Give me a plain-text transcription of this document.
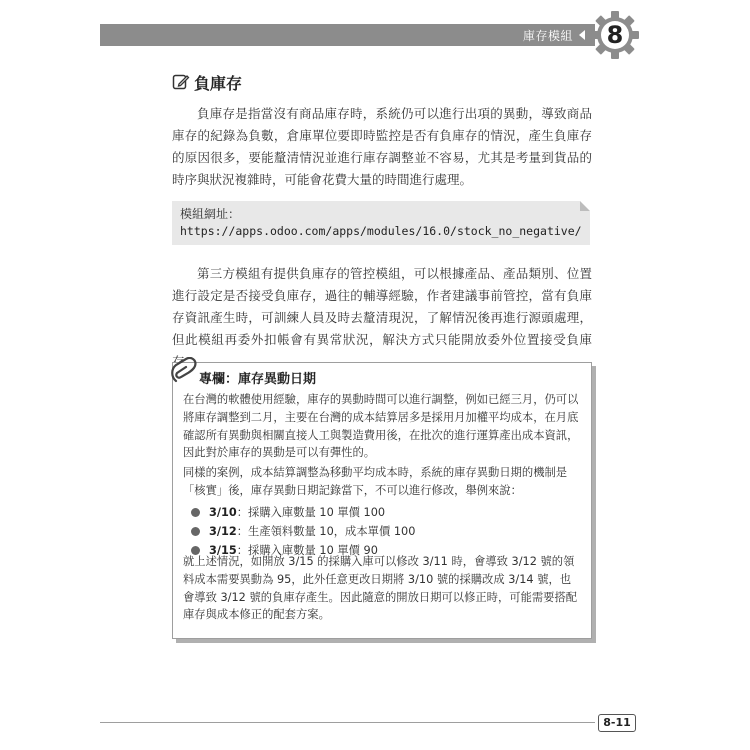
庫存模組	8
負庫存

負庫存是指當沒有商品庫存時，系統仍可以進行出項的異動，導致商品庫存的紀錄為負數，倉庫單位要即時監控是否有負庫存的情況，產生負庫存的原因很多，要能釐清情況並進行庫存調整並不容易，尤其是考量到貨品的時序與狀況複雜時，可能會花費大量的時間進行處理。

模組網址：
https://apps.odoo.com/apps/modules/16.0/stock_no_negative/

第三方模組有提供負庫存的管控模組，可以根據產品、產品類別、位置進行設定是否接受負庫存，過往的輔導經驗，作者建議事前管控，當有負庫存資訊產生時，可訓練人員及時去釐清現況，了解情況後再進行源頭處理，但此模組再委外扣帳會有異常狀況，解決方式只能開放委外位置接受負庫

專欄：庫存異動日期

在台灣的軟體使用經驗，庫存的異動時間可以進行調整，例如已經三月，仍可以將庫存調整到二月，主要在台灣的成本結算居多是採用月加權平均成本，在月底確認所有異動與相關直接人工與製造費用後，在批次的進行運算產出成本資訊，因此對於庫存的異動是可以有彈性的。

同樣的案例，成本結算調整為移動平均成本時，系統的庫存異動日期的機制是「核實」後，庫存異動日期記錄當下，不可以進行修改，舉例來說：

3/10 ：採購入庫數量 10 單價 100
3/12 ：生產領料數量 10，成本單價 100
3/15 ：採購入庫數量 10 單價 90

就上述情況，如開放 3/15 的採購入庫可以修改 3/11 時，會導致 3/12 號的領料成本需要異動為 95，此外任意更改日期將 3/10 號的採購改成 3/14 號，也會導致 3/12 號的負庫存產生。因此隨意的開放日期可以修正時，可能需要搭配庫存與成本修正的配套方案。

8-11
